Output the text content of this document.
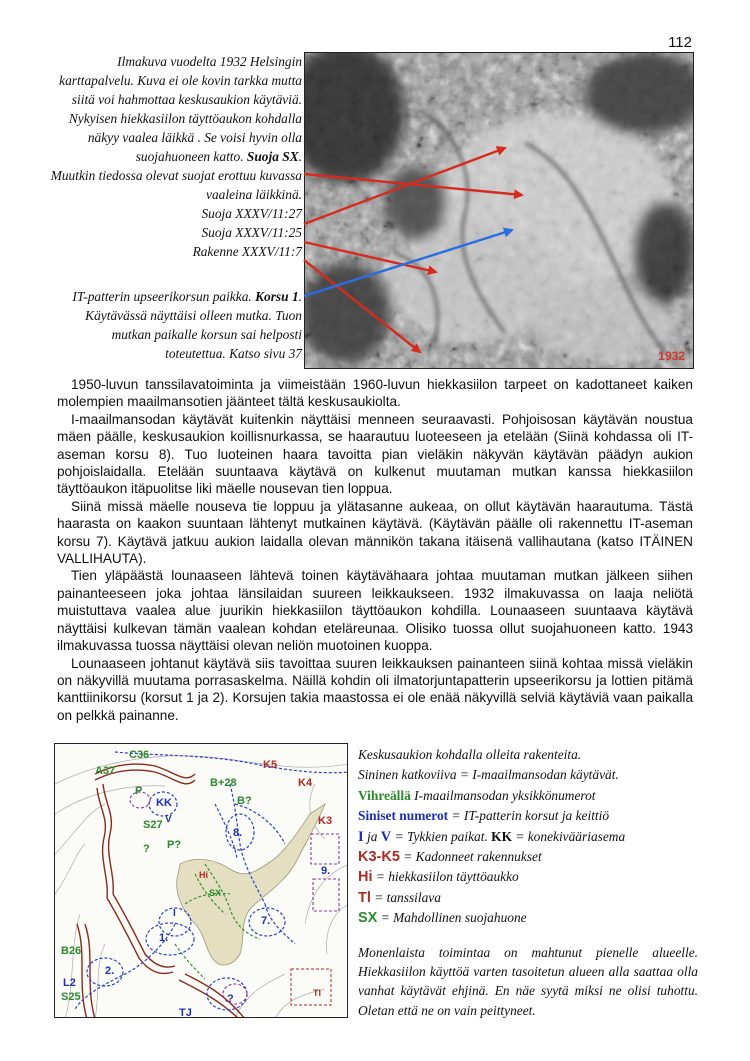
112

Ilmakuva vuodelta 1932 Helsingin karttapalvelu. Kuva ei ole kovin tarkka mutta siitä voi hahmottaa keskusaukion käytäviä.

Nykyisen hiekkasiilon täyttöaukon kohdalla näkyy vaalea läikkä . Se voisi hyvin olla suojahuoneen katto. Suoja SX.

Muutkin tiedossa olevat suojat erottuu kuvassa vaaleina läikkinä.

Suoja XXXV/11:27

Suoja XXXV/11:25

Rakenne XXXV/11:7

IT-patterin upseerikorsun paikka. Korsu 1. Käytävässä näyttäisi olleen mutka. Tuon mutkan paikalle korsun sai helposti toteutettua. Katso sivu 37	1932

1950-luvun tanssilavatoiminta ja viimeistään 1960-luvun hiekkasiilon tarpeet on kadottaneet kaiken molempien maailmansotien jäänteet tältä keskusaukiolta.

I-maailmansodan käytävät kuitenkin näyttäisi menneen seuraavasti. Pohjoisosan käytävän noustua mäen päälle, keskusaukion koillisnurkassa, se haarautuu luoteeseen ja etelään (Siinä kohdassa oli IT-aseman korsu 8). Tuo luoteinen haara tavoitta pian vieläkin näkyvän käytävän päädyn aukion pohjoislaidalla. Etelään suuntaava käytävä on kulkenut muutaman mutkan kanssa hiekkasiilon täyttöaukon itäpuolitse liki mäelle nousevan tien loppua.

Siinä missä mäelle nouseva tie loppuu ja ylätasanne aukeaa, on ollut käytävän haarautuma. Tästä haarasta on kaakon suuntaan lähtenyt mutkainen käytävä. (Käytävän päälle oli rakennettu IT-aseman korsu 7). Käytävä jatkuu aukion laidalla olevan männikön takana itäisenä vallihautana (katso ITÄINEN VALLIHAUTA).

Tien yläpäästä lounaaseen lähtevä toinen käytävähaara johtaa muutaman mutkan jälkeen siihen painanteeseen joka johtaa länsilaidan suureen leikkaukseen. 1932 ilmakuvassa on laaja neliötä muistuttava vaalea alue juurikin hiekkasiilon täyttöaukon kohdilla. Lounaaseen suuntaava käytävä näyttäisi kulkevan tämän vaalean kohdan eteläreunaa. Olisiko tuossa ollut suojahuoneen katto. 1943 ilmakuvassa tuossa näyttäisi olevan neliön muotoinen kuoppa.

Lounaaseen johtanut käytävä siis tavoittaa suuren leikkauksen painanteen siinä kohtaa missä vieläkin on näkyvillä muutama porrasaskelma. Näillä kohdin oli ilmatorjuntapatterin upseerikorsu ja lottien pitämä kanttiinikorsu (korsut 1 ja 2). Korsujen takia maastossa ei ole enää näkyvillä selviä käytäviä vaan paikalla on pelkkä painanne.

C36
A37
B+28
K5
K4
K3
P
KK	B?
V
S27
8.
? P?
Hi
SX
9.
I
7.
1.
B26
2.
L2
S25	?	Tl
TJ

Keskusaukion kohdalla olleita rakenteita.

Sininen katkoviiva = I-maailmansodan käytävät.

Vihreällä I-maailmansodan yksikkönumerot

Siniset numerot = IT-patterin korsut ja keittiö

I ja V = Tykkien paikat. KK = konekivääriasema

K3-K5 = Kadonneet rakennukset

Hi = hiekkasiilon täyttöaukko

Tl = tanssilava

SX = Mahdollinen suojahuone

Monenlaista toimintaa on mahtunut pienelle alueelle. Hiekkasiilon käyttöä varten tasoitetun alueen alla saattaa olla vanhat käytävät ehjinä. En näe syytä miksi ne olisi tuhottu. Oletan että ne on vain peittyneet.
